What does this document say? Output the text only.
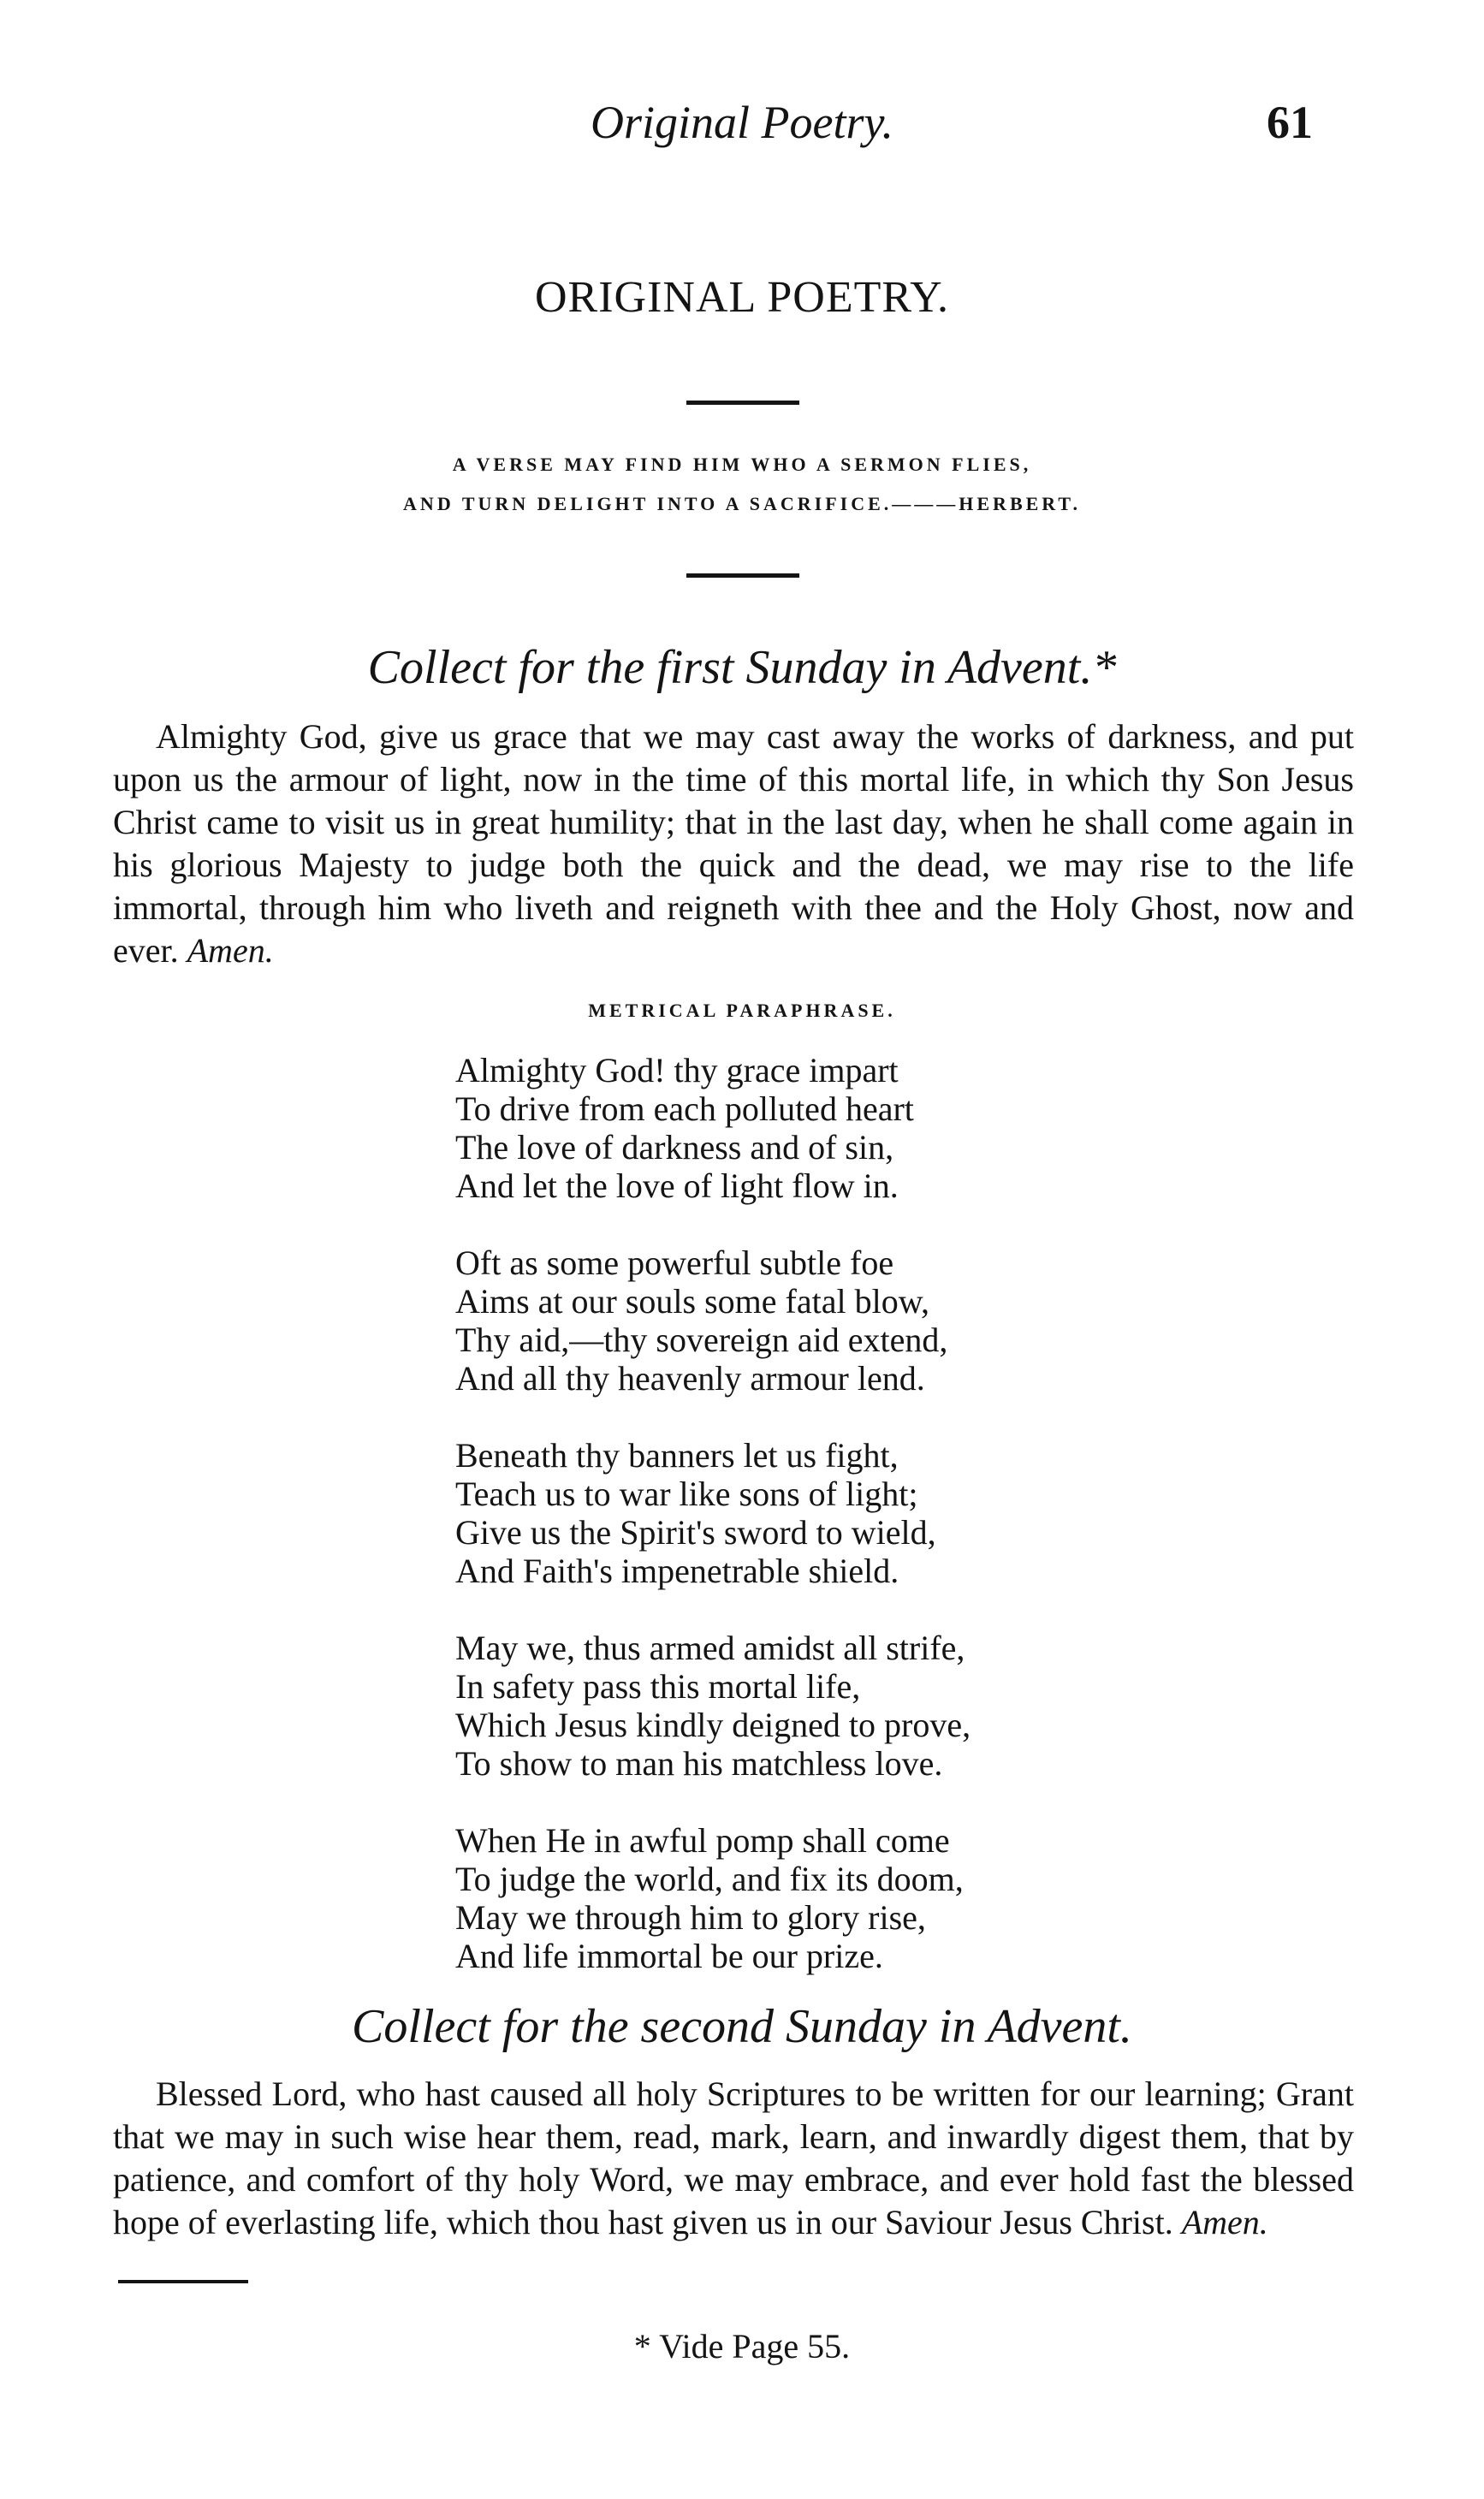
Original Poetry.	61
ORIGINAL POETRY.
A VERSE MAY FIND HIM WHO A SERMON FLIES,
AND TURN DELIGHT INTO A SACRIFICE.———HERBERT.
Collect for the first Sunday in Advent.*
Almighty God, give us grace that we may cast away the works of darkness, and put upon us the armour of light, now in the time of this mortal life, in which thy Son Jesus Christ came to visit us in great humility; that in the last day, when he shall come again in his glorious Majesty to judge both the quick and the dead, we may rise to the life immortal, through him who liveth and reigneth with thee and the Holy Ghost, now and ever. Amen.
METRICAL PARAPHRASE.
Almighty God! thy grace impart
To drive from each polluted heart
The love of darkness and of sin,
And let the love of light flow in.
Oft as some powerful subtle foe
Aims at our souls some fatal blow,
Thy aid,—thy sovereign aid extend,
And all thy heavenly armour lend.
Beneath thy banners let us fight,
Teach us to war like sons of light;
Give us the Spirit's sword to wield,
And Faith's impenetrable shield.
May we, thus armed amidst all strife,
In safety pass this mortal life,
Which Jesus kindly deigned to prove,
To show to man his matchless love.
When He in awful pomp shall come
To judge the world, and fix its doom,
May we through him to glory rise,
And life immortal be our prize.
Collect for the second Sunday in Advent.
Blessed Lord, who hast caused all holy Scriptures to be written for our learning; Grant that we may in such wise hear them, read, mark, learn, and inwardly digest them, that by patience, and comfort of thy holy Word, we may embrace, and ever hold fast the blessed hope of everlasting life, which thou hast given us in our Saviour Jesus Christ. Amen.
* Vide Page 55.
